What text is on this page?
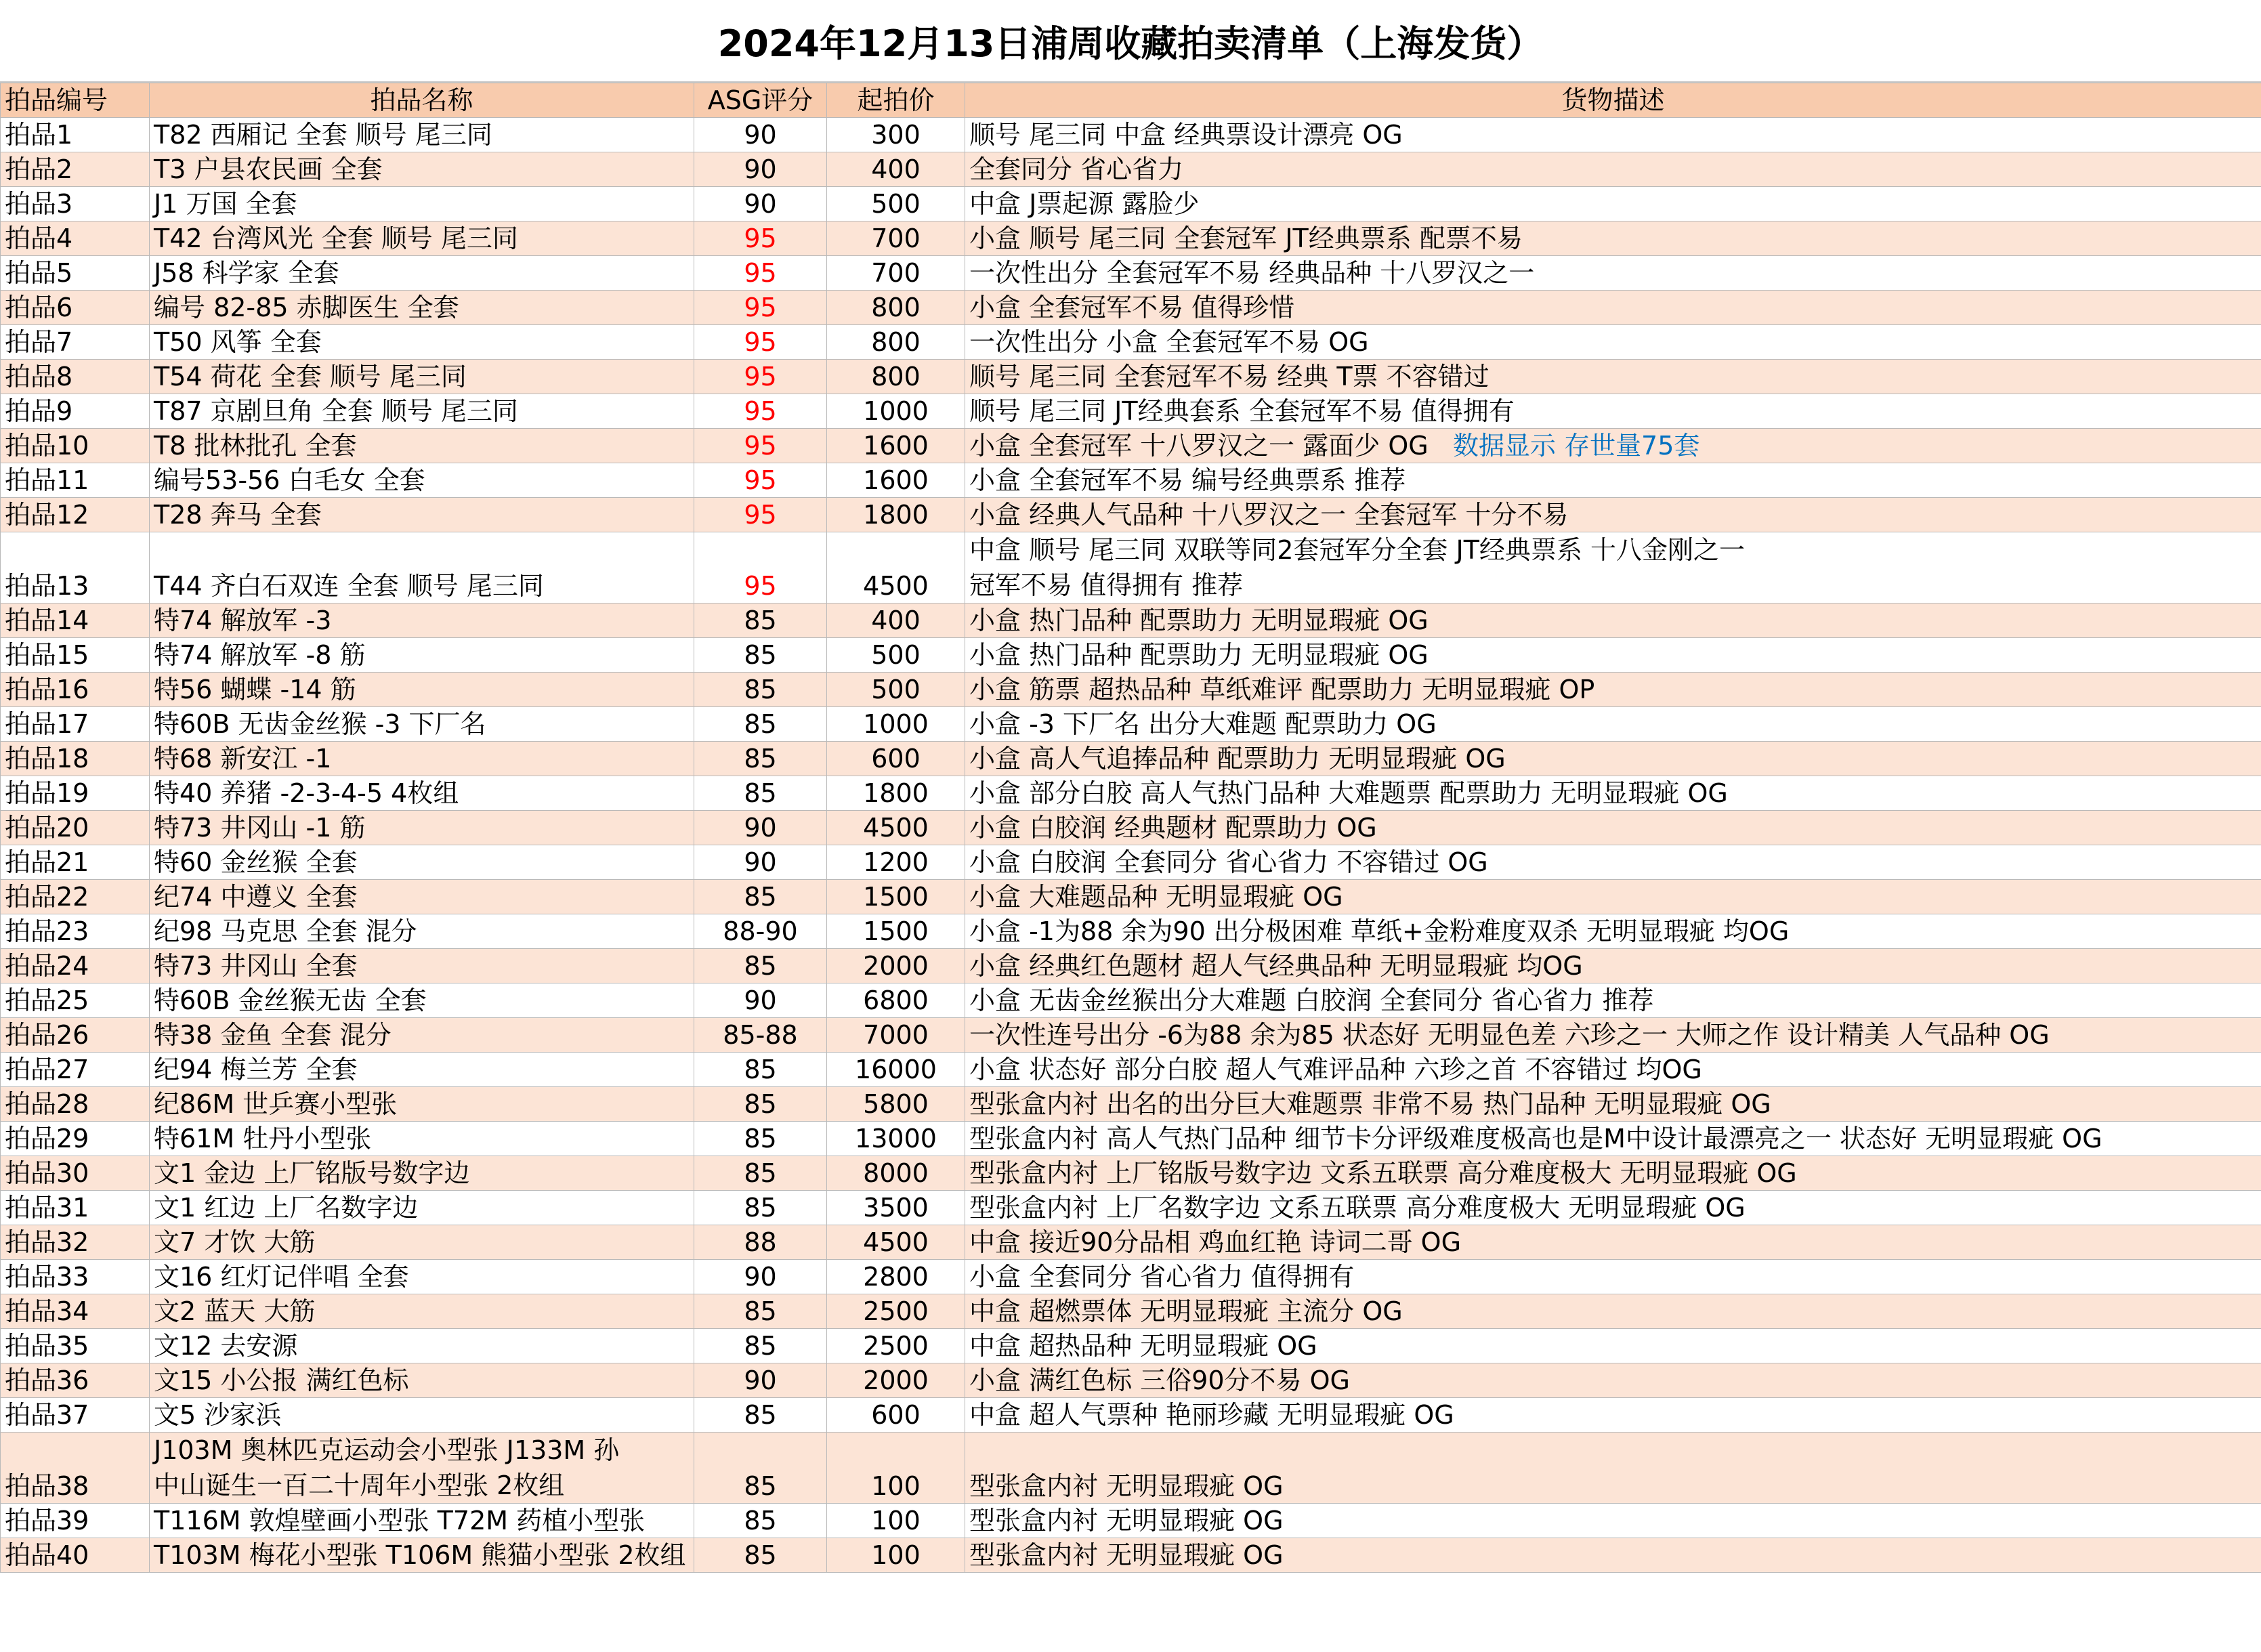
2024年12月13日浦周收藏拍卖清单（上海发货）
拍品编号	拍品名称	ASG评分	起拍价	货物描述
拍品1	T82 西厢记 全套 顺号 尾三同	90	300	顺号 尾三同 中盒 经典票设计漂亮 OG
拍品2	T3 户县农民画 全套	90	400	全套同分 省心省力
拍品3	J1 万国 全套	90	500	中盒 J票起源 露脸少
拍品4	T42 台湾风光 全套 顺号 尾三同	95	700	小盒 顺号 尾三同 全套冠军 JT经典票系 配票不易
拍品5	J58 科学家 全套	95	700	一次性出分 全套冠军不易 经典品种 十八罗汉之一
拍品6	编号 82-85 赤脚医生 全套	95	800	小盒 全套冠军不易 值得珍惜
拍品7	T50 风筝 全套	95	800	一次性出分 小盒 全套冠军不易 OG
拍品8	T54 荷花 全套 顺号 尾三同	95	800	顺号 尾三同 全套冠军不易 经典 T票 不容错过
拍品9	T87 京剧旦角 全套 顺号 尾三同	95	1000	顺号 尾三同 JT经典套系 全套冠军不易 值得拥有
拍品10	T8 批林批孔 全套	95	1600	小盒 全套冠军 十八罗汉之一 露面少 OG 数据显示 存世量75套
拍品11	编号53-56 白毛女 全套	95	1600	小盒 全套冠军不易 编号经典票系 推荐
拍品12	T28 奔马 全套	95	1800	小盒 经典人气品种 十八罗汉之一 全套冠军 十分不易
拍品13	T44 齐白石双连 全套 顺号 尾三同	95	4500	中盒 顺号 尾三同 双联等同2套冠军分全套 JT经典票系 十八金刚之一
冠军不易 值得拥有 推荐

拍品14	特74 解放军 -3	85	400	小盒 热门品种 配票助力 无明显瑕疵 OG
拍品15	特74 解放军 -8 筋	85	500	小盒 热门品种 配票助力 无明显瑕疵 OG
拍品16	特56 蝴蝶 -14 筋	85	500	小盒 筋票 超热品种 草纸难评 配票助力 无明显瑕疵 OP
拍品17	特60B 无齿金丝猴 -3 下厂名	85	1000	小盒 -3 下厂名 出分大难题 配票助力 OG
拍品18	特68 新安江 -1	85	600	小盒 高人气追捧品种 配票助力 无明显瑕疵 OG
拍品19	特40 养猪 -2-3-4-5 4枚组	85	1800	小盒 部分白胶 高人气热门品种 大难题票 配票助力 无明显瑕疵 OG
拍品20	特73 井冈山 -1 筋	90	4500	小盒 白胶润 经典题材 配票助力 OG
拍品21	特60 金丝猴 全套	90	1200	小盒 白胶润 全套同分 省心省力 不容错过 OG
拍品22	纪74 中遵义 全套	85	1500	小盒 大难题品种 无明显瑕疵 OG
拍品23	纪98 马克思 全套 混分	88-90	1500	小盒 -1为88 余为90 出分极困难 草纸+金粉难度双杀 无明显瑕疵 均OG
拍品24	特73 井冈山 全套	85	2000	小盒 经典红色题材 超人气经典品种 无明显瑕疵 均OG
拍品25	特60B 金丝猴无齿 全套	90	6800	小盒 无齿金丝猴出分大难题 白胶润 全套同分 省心省力 推荐
拍品26	特38 金鱼 全套 混分	85-88	7000	一次性连号出分 -6为88 余为85 状态好 无明显色差 六珍之一 大师之作 设计精美 人气品种 OG
拍品27	纪94 梅兰芳 全套	85	16000	小盒 状态好 部分白胶 超人气难评品种 六珍之首 不容错过 均OG
拍品28	纪86M 世乒赛小型张	85	5800	型张盒内衬 出名的出分巨大难题票 非常不易 热门品种 无明显瑕疵 OG
拍品29	特61M 牡丹小型张	85	13000	型张盒内衬 高人气热门品种 细节卡分评级难度极高也是M中设计最漂亮之一 状态好 无明显瑕疵 OG
拍品30	文1 金边 上厂铭版号数字边	85	8000	型张盒内衬 上厂铭版号数字边 文系五联票 高分难度极大 无明显瑕疵 OG
拍品31	文1 红边 上厂名数字边	85	3500	型张盒内衬 上厂名数字边 文系五联票 高分难度极大 无明显瑕疵 OG
拍品32	文7 才饮 大筋	88	4500	中盒 接近90分品相 鸡血红艳 诗词二哥 OG
拍品33	文16 红灯记伴唱 全套	90	2800	小盒 全套同分 省心省力 值得拥有
拍品34	文2 蓝天 大筋	85	2500	中盒 超燃票体 无明显瑕疵 主流分 OG
拍品35	文12 去安源	85	2500	中盒 超热品种 无明显瑕疵 OG
拍品36	文15 小公报 满红色标	90	2000	小盒 满红色标 三俗90分不易 OG
拍品37	文5 沙家浜	85	600	中盒 超人气票种 艳丽珍藏 无明显瑕疵 OG
拍品38	J103M 奥林匹克运动会小型张 J133M 孙
中山诞生一百二十周年小型张 2枚组	85	100	型张盒内衬 无明显瑕疵 OG
拍品39	T116M 敦煌壁画小型张 T72M 药植小型张	85	100	型张盒内衬 无明显瑕疵 OG
拍品40	T103M 梅花小型张 T106M 熊猫小型张 2枚组	85	100	型张盒内衬 无明显瑕疵 OG
